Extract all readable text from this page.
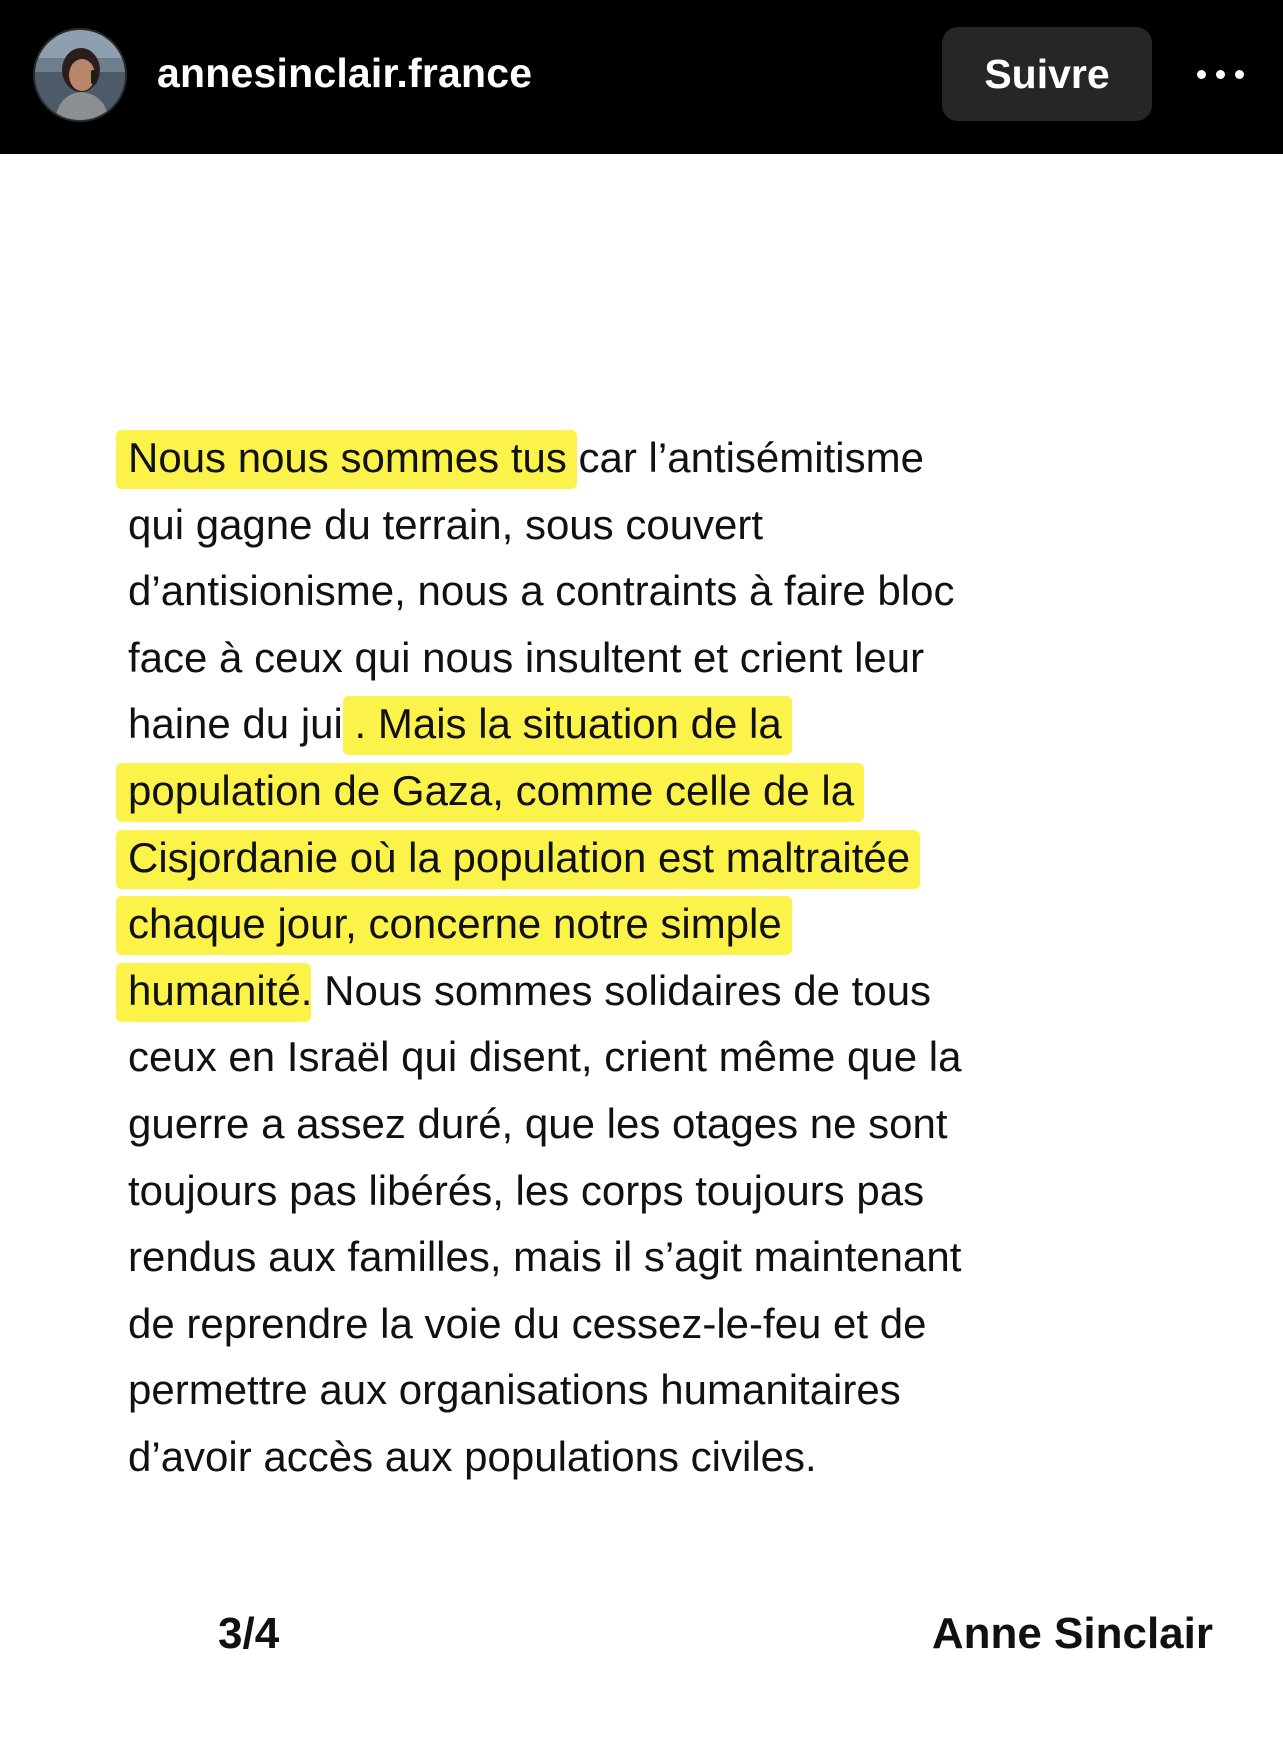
annesinclair.france	Suivre
Nous nous sommes tus car l’antisémitisme
qui gagne du terrain, sous couvert
d’antisionisme, nous a contraints à faire bloc
face à ceux qui nous insultent et crient leur
haine du juif. Mais la situation de la
population de Gaza, comme celle de la
Cisjordanie où la population est maltraitée
chaque jour, concerne notre simple
humanité. Nous sommes solidaires de tous
ceux en Israël qui disent, crient même que la
guerre a assez duré, que les otages ne sont
toujours pas libérés, les corps toujours pas
rendus aux familles, mais il s’agit maintenant
de reprendre la voie du cessez-le-feu et de
permettre aux organisations humanitaires
d’avoir accès aux populations civiles.
3/4	Anne Sinclair
